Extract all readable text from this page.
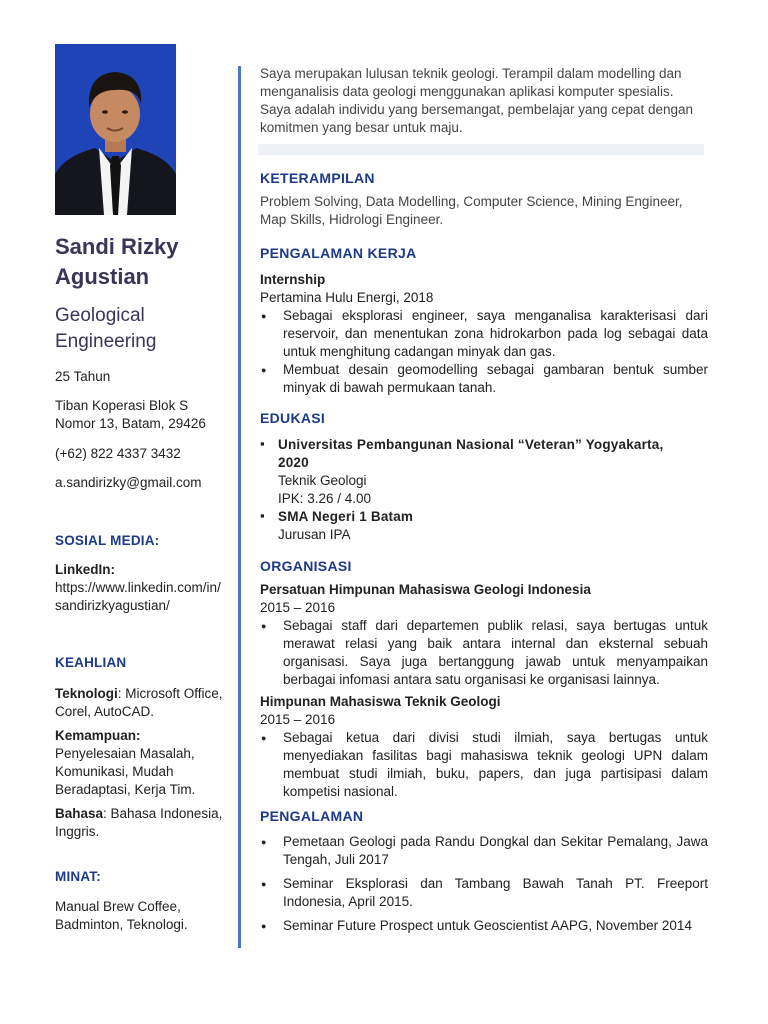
Sandi Rizky
Agustian
Geological
Engineering
25 Tahun
Tiban Koperasi Blok S
Nomor 13, Batam, 29426
(+62) 822 4337 3432
a.sandirizky@gmail.com
SOSIAL MEDIA:
LinkedIn:
https://www.linkedin.com/in/
sandirizkyagustian/
KEAHLIAN
Teknologi: Microsoft Office, Corel, AutoCAD.
Kemampuan:
Penyelesaian Masalah, Komunikasi, Mudah Beradaptasi, Kerja Tim.
Bahasa: Bahasa Indonesia, Inggris.
MINAT:
Manual Brew Coffee, Badminton, Teknologi.
Saya merupakan lulusan teknik geologi. Terampil dalam modelling dan menganalisis data geologi menggunakan aplikasi komputer spesialis. Saya adalah individu yang bersemangat, pembelajar yang cepat dengan komitmen yang besar untuk maju.
KETERAMPILAN
Problem Solving, Data Modelling, Computer Science, Mining Engineer, Map Skills, Hidrologi Engineer.
PENGALAMAN KERJA
Internship
Pertamina Hulu Energi, 2018
● Sebagai eksplorasi engineer, saya menganalisa karakterisasi dari reservoir, dan menentukan zona hidrokarbon pada log sebagai data untuk menghitung cadangan minyak dan gas.
● Membuat desain geomodelling sebagai gambaran bentuk sumber minyak di bawah permukaan tanah.
EDUKASI
▪ Universitas Pembangunan Nasional “Veteran” Yogyakarta, 2020
Teknik Geologi
IPK: 3.26 / 4.00
▪ SMA Negeri 1 Batam
Jurusan IPA
ORGANISASI
Persatuan Himpunan Mahasiswa Geologi Indonesia
2015 – 2016
● Sebagai staff dari departemen publik relasi, saya bertugas untuk merawat relasi yang baik antara internal dan eksternal sebuah organisasi. Saya juga bertanggung jawab untuk menyampaikan berbagai infomasi antara satu organisasi ke organisasi lainnya.
Himpunan Mahasiswa Teknik Geologi
2015 – 2016
● Sebagai ketua dari divisi studi ilmiah, saya bertugas untuk menyediakan fasilitas bagi mahasiswa teknik geologi UPN dalam membuat studi ilmiah, buku, papers, dan juga partisipasi dalam kompetisi nasional.
PENGALAMAN
● Pemetaan Geologi pada Randu Dongkal dan Sekitar Pemalang, Jawa Tengah, Juli 2017
● Seminar Eksplorasi dan Tambang Bawah Tanah PT. Freeport Indonesia, April 2015.
● Seminar Future Prospect untuk Geoscientist AAPG, November 2014
